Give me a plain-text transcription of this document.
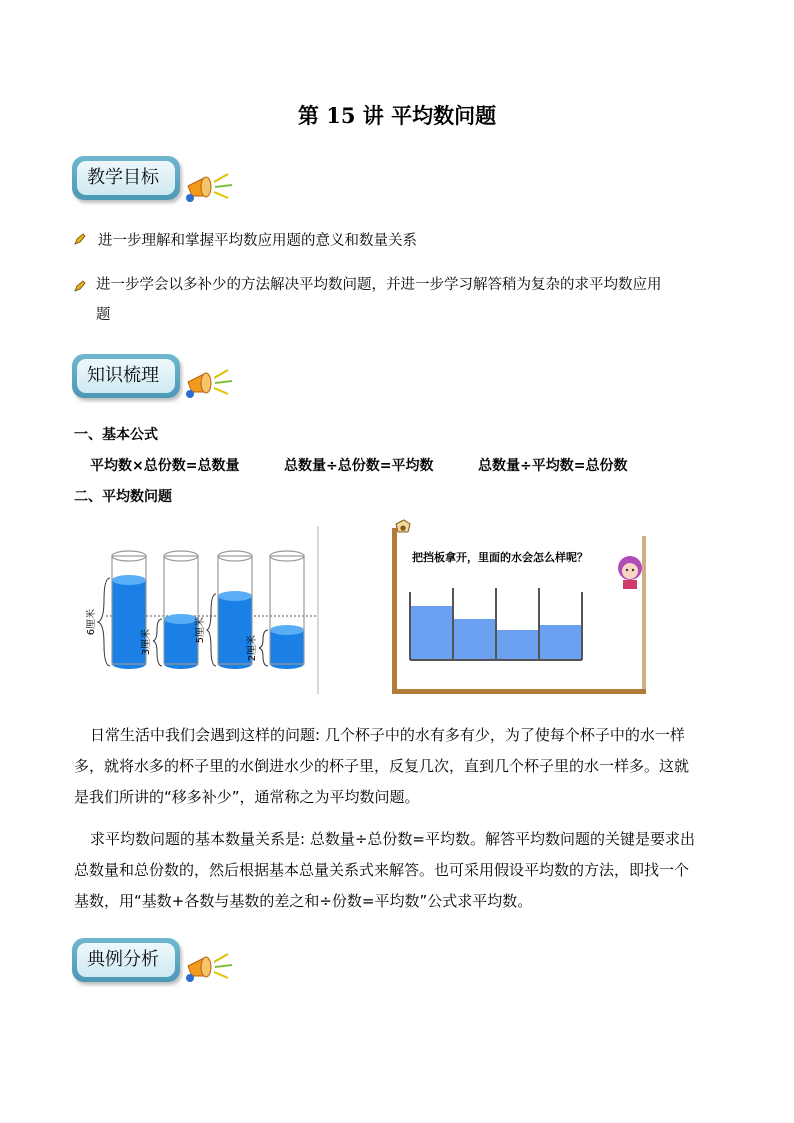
第 15 讲 平均数问题
教学目标
进一步理解和掌握平均数应用题的意义和数量关系
进一步学会以多补少的方法解决平均数问题，并进一步学习解答稍为复杂的求平均数应用
题
知识梳理
一、基本公式
平均数×总份数=总数量	总数量÷总份数=平均数	总数量÷平均数=总份数
二、平均数问题
6厘米
3厘米	5厘米
2厘米
●
把挡板拿开，里面的水会怎么样呢？
日常生活中我们会遇到这样的问题: 几个杯子中的水有多有少，为了使每个杯子中的水一样
多，就将水多的杯子里的水倒进水少的杯子里，反复几次，直到几个杯子里的水一样多。这就
是我们所讲的“移多补少”，通常称之为平均数问题。
求平均数问题的基本数量关系是: 总数量÷总份数=平均数。解答平均数问题的关键是要求出
总数量和总份数的，然后根据基本总量关系式来解答。也可采用假设平均数的方法，即找一个
基数，用“基数+各数与基数的差之和÷份数=平均数”公式求平均数。
典例分析
